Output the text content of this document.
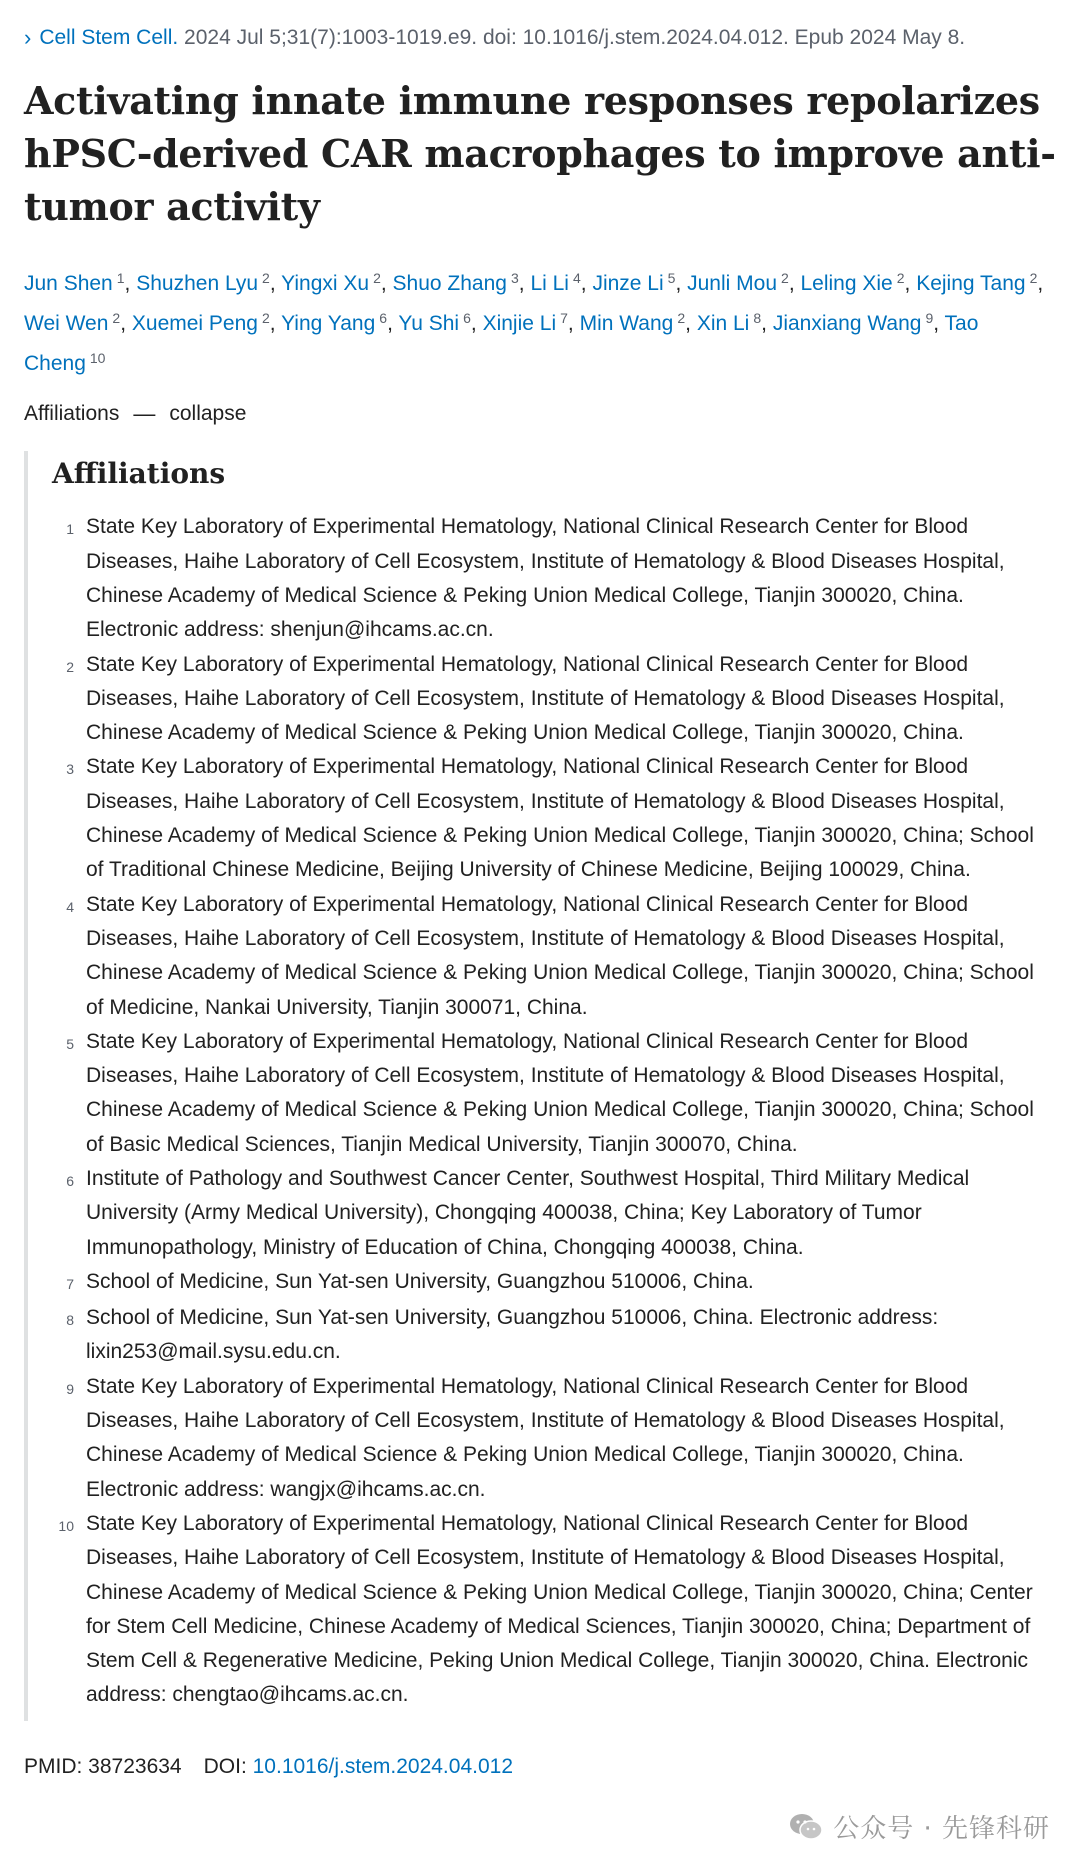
› Cell Stem Cell. 2024 Jul 5;31(7):1003-1019.e9. doi: 10.1016/j.stem.2024.04.012. Epub 2024 May 8.
Activating innate immune responses repolarizes hPSC-derived CAR macrophages to improve anti-tumor activity
Jun Shen $^1$, Shuzhen Lyu $^2$, Yingxi Xu $^2$, Shuo Zhang $^3$, Li Li $^4$, Jinze Li $^5$, Junli Mou $^2$, Leling Xie $^2$, Kejing Tang $^2$, Wei Wen $^2$, Xuemei Peng $^2$, Ying Yang $^6$, Yu Shi $^6$, Xinjie Li $^7$, Min Wang $^2$, Xin Li $^8$, Jianxiang Wang $^9$, Tao Cheng $^{10}$
Affiliations — collapse
Affiliations
1 State Key Laboratory of Experimental Hematology, National Clinical Research Center for Blood Diseases, Haihe Laboratory of Cell Ecosystem, Institute of Hematology & Blood Diseases Hospital, Chinese Academy of Medical Science & Peking Union Medical College, Tianjin 300020, China. Electronic address: shenjun@ihcams.ac.cn.
2 State Key Laboratory of Experimental Hematology, National Clinical Research Center for Blood Diseases, Haihe Laboratory of Cell Ecosystem, Institute of Hematology & Blood Diseases Hospital, Chinese Academy of Medical Science & Peking Union Medical College, Tianjin 300020, China.
3 State Key Laboratory of Experimental Hematology, National Clinical Research Center for Blood Diseases, Haihe Laboratory of Cell Ecosystem, Institute of Hematology & Blood Diseases Hospital, Chinese Academy of Medical Science & Peking Union Medical College, Tianjin 300020, China; School of Traditional Chinese Medicine, Beijing University of Chinese Medicine, Beijing 100029, China.
4 State Key Laboratory of Experimental Hematology, National Clinical Research Center for Blood Diseases, Haihe Laboratory of Cell Ecosystem, Institute of Hematology & Blood Diseases Hospital, Chinese Academy of Medical Science & Peking Union Medical College, Tianjin 300020, China; School of Medicine, Nankai University, Tianjin 300071, China.
5 State Key Laboratory of Experimental Hematology, National Clinical Research Center for Blood Diseases, Haihe Laboratory of Cell Ecosystem, Institute of Hematology & Blood Diseases Hospital, Chinese Academy of Medical Science & Peking Union Medical College, Tianjin 300020, China; School of Basic Medical Sciences, Tianjin Medical University, Tianjin 300070, China.
6 Institute of Pathology and Southwest Cancer Center, Southwest Hospital, Third Military Medical University (Army Medical University), Chongqing 400038, China; Key Laboratory of Tumor Immunopathology, Ministry of Education of China, Chongqing 400038, China.
7 School of Medicine, Sun Yat-sen University, Guangzhou 510006, China.
8 School of Medicine, Sun Yat-sen University, Guangzhou 510006, China. Electronic address: lixin253@mail.sysu.edu.cn.
9 State Key Laboratory of Experimental Hematology, National Clinical Research Center for Blood Diseases, Haihe Laboratory of Cell Ecosystem, Institute of Hematology & Blood Diseases Hospital, Chinese Academy of Medical Science & Peking Union Medical College, Tianjin 300020, China. Electronic address: wangjx@ihcams.ac.cn.
10 State Key Laboratory of Experimental Hematology, National Clinical Research Center for Blood Diseases, Haihe Laboratory of Cell Ecosystem, Institute of Hematology & Blood Diseases Hospital, Chinese Academy of Medical Science & Peking Union Medical College, Tianjin 300020, China; Center for Stem Cell Medicine, Chinese Academy of Medical Sciences, Tianjin 300020, China; Department of Stem Cell & Regenerative Medicine, Peking Union Medical College, Tianjin 300020, China. Electronic address: chengtao@ihcams.ac.cn.
PMID: 38723634 DOI: 10.1016/j.stem.2024.04.012
公众号 · 先锋科研
